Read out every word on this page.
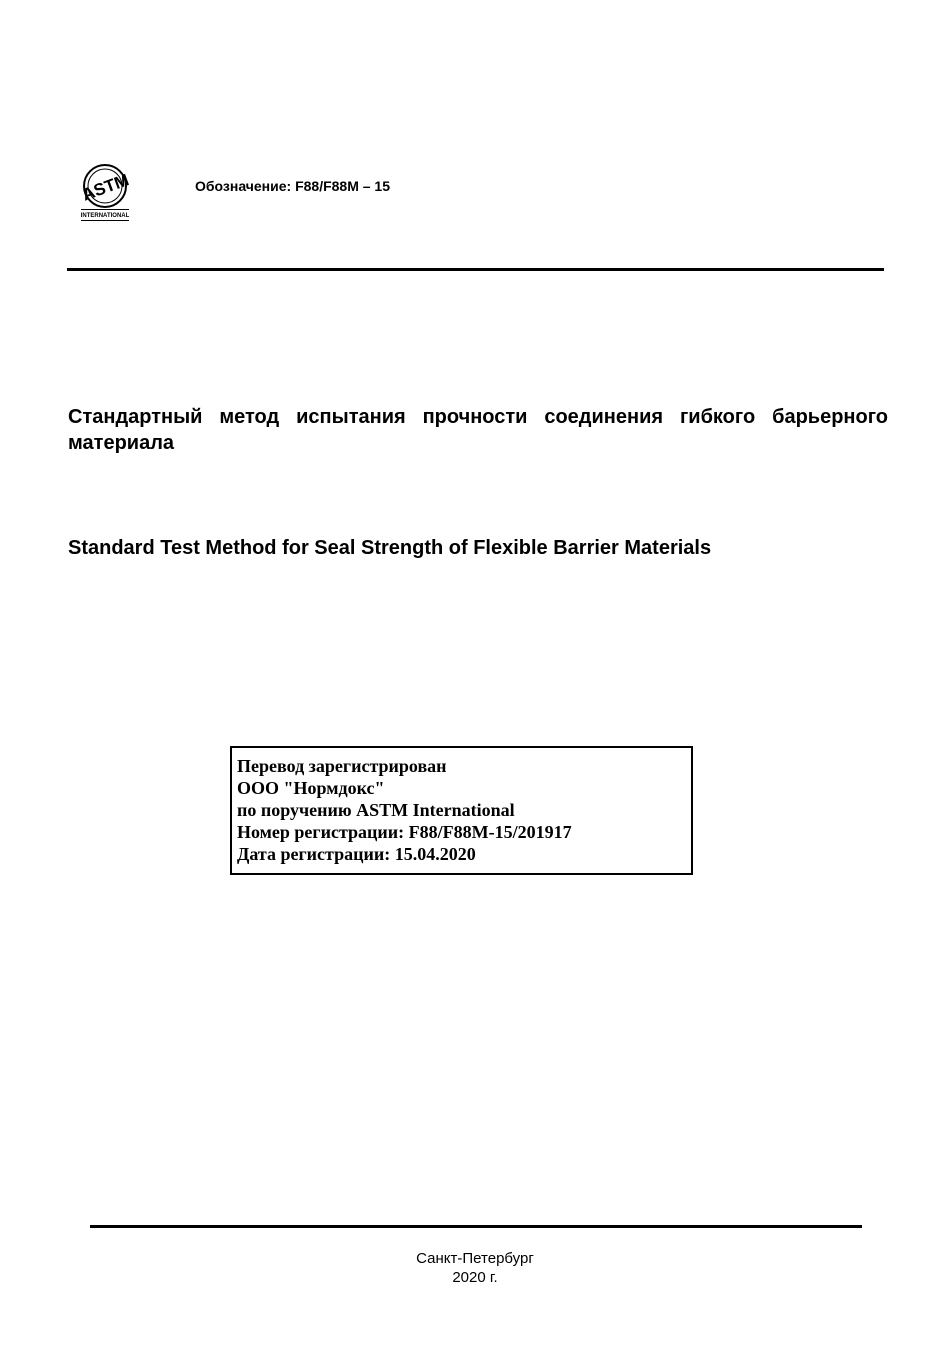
ASTM
INTERNATIONAL
Обозначение: F88/F88M – 15
Стандартный метод испытания прочности соединения гибкого барьерного материала
Standard Test Method for Seal Strength of Flexible Barrier Materials
Перевод зарегистрирован
ООО "Нормдокс"
по поручению ASTM International
Номер регистрации: F88/F88M-15/201917
Дата регистрации: 15.04.2020
Санкт-Петербург
2020 г.
